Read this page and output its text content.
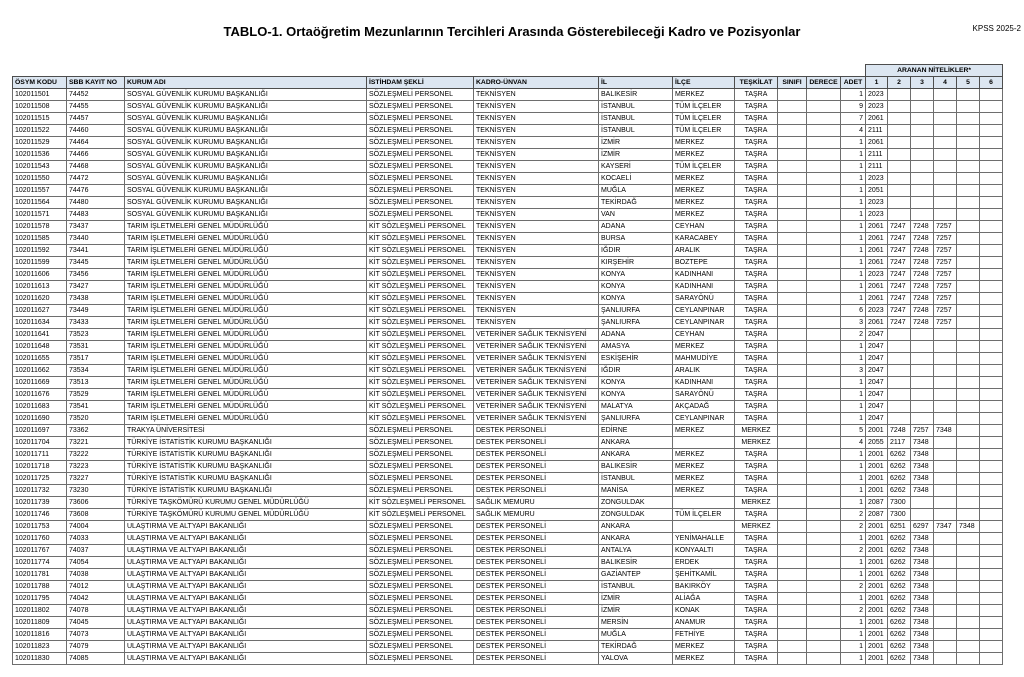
TABLO-1. Ortaöğretim Mezunlarının Tercihleri Arasında Gösterebileceği Kadro ve Pozisyonlar	KPSS 2025-2
											ARANAN NİTELİKLER*					
ÖSYM KODU	SBB KAYIT NO	KURUM ADI	İSTİHDAM ŞEKLİ	KADRO-ÜNVAN	İL	İLÇE	TEŞKİLAT	SINIFI	DERECE	ADET	1	2	3	4	5	6
102011501	74452	SOSYAL GÜVENLİK KURUMU BAŞKANLIĞI	SÖZLEŞMELİ PERSONEL	TEKNİSYEN	BALIKESİR	MERKEZ	TAŞRA			1	2023					
102011508	74455	SOSYAL GÜVENLİK KURUMU BAŞKANLIĞI	SÖZLEŞMELİ PERSONEL	TEKNİSYEN	İSTANBUL	TÜM İLÇELER	TAŞRA			9	2023					
102011515	74457	SOSYAL GÜVENLİK KURUMU BAŞKANLIĞI	SÖZLEŞMELİ PERSONEL	TEKNİSYEN	İSTANBUL	TÜM İLÇELER	TAŞRA			7	2061					
102011522	74460	SOSYAL GÜVENLİK KURUMU BAŞKANLIĞI	SÖZLEŞMELİ PERSONEL	TEKNİSYEN	İSTANBUL	TÜM İLÇELER	TAŞRA			4	2111					
102011529	74464	SOSYAL GÜVENLİK KURUMU BAŞKANLIĞI	SÖZLEŞMELİ PERSONEL	TEKNİSYEN	İZMİR	MERKEZ	TAŞRA			1	2061					
102011536	74466	SOSYAL GÜVENLİK KURUMU BAŞKANLIĞI	SÖZLEŞMELİ PERSONEL	TEKNİSYEN	İZMİR	MERKEZ	TAŞRA			1	2111					
102011543	74468	SOSYAL GÜVENLİK KURUMU BAŞKANLIĞI	SÖZLEŞMELİ PERSONEL	TEKNİSYEN	KAYSERİ	TÜM İLÇELER	TAŞRA			1	2111					
102011550	74472	SOSYAL GÜVENLİK KURUMU BAŞKANLIĞI	SÖZLEŞMELİ PERSONEL	TEKNİSYEN	KOCAELİ	MERKEZ	TAŞRA			1	2023					
102011557	74476	SOSYAL GÜVENLİK KURUMU BAŞKANLIĞI	SÖZLEŞMELİ PERSONEL	TEKNİSYEN	MUĞLA	MERKEZ	TAŞRA			1	2051					
102011564	74480	SOSYAL GÜVENLİK KURUMU BAŞKANLIĞI	SÖZLEŞMELİ PERSONEL	TEKNİSYEN	TEKİRDAĞ	MERKEZ	TAŞRA			1	2023					
102011571	74483	SOSYAL GÜVENLİK KURUMU BAŞKANLIĞI	SÖZLEŞMELİ PERSONEL	TEKNİSYEN	VAN	MERKEZ	TAŞRA			1	2023					
102011578	73437	TARIM İŞLETMELERİ GENEL MÜDÜRLÜĞÜ	KİT SÖZLEŞMELİ PERSONEL	TEKNİSYEN	ADANA	CEYHAN	TAŞRA			1	2061	7247	7248	7257		
102011585	73440	TARIM İŞLETMELERİ GENEL MÜDÜRLÜĞÜ	KİT SÖZLEŞMELİ PERSONEL	TEKNİSYEN	BURSA	KARACABEY	TAŞRA			1	2061	7247	7248	7257		
102011592	73441	TARIM İŞLETMELERİ GENEL MÜDÜRLÜĞÜ	KİT SÖZLEŞMELİ PERSONEL	TEKNİSYEN	IĞDIR	ARALIK	TAŞRA			1	2061	7247	7248	7257		
102011599	73445	TARIM İŞLETMELERİ GENEL MÜDÜRLÜĞÜ	KİT SÖZLEŞMELİ PERSONEL	TEKNİSYEN	KIRŞEHİR	BOZTEPE	TAŞRA			1	2061	7247	7248	7257		
102011606	73456	TARIM İŞLETMELERİ GENEL MÜDÜRLÜĞÜ	KİT SÖZLEŞMELİ PERSONEL	TEKNİSYEN	KONYA	KADINHANI	TAŞRA			1	2023	7247	7248	7257		
102011613	73427	TARIM İŞLETMELERİ GENEL MÜDÜRLÜĞÜ	KİT SÖZLEŞMELİ PERSONEL	TEKNİSYEN	KONYA	KADINHANI	TAŞRA			1	2061	7247	7248	7257		
102011620	73438	TARIM İŞLETMELERİ GENEL MÜDÜRLÜĞÜ	KİT SÖZLEŞMELİ PERSONEL	TEKNİSYEN	KONYA	SARAYÖNÜ	TAŞRA			1	2061	7247	7248	7257		
102011627	73449	TARIM İŞLETMELERİ GENEL MÜDÜRLÜĞÜ	KİT SÖZLEŞMELİ PERSONEL	TEKNİSYEN	ŞANLIURFA	CEYLANPINAR	TAŞRA			6	2023	7247	7248	7257		
102011634	73433	TARIM İŞLETMELERİ GENEL MÜDÜRLÜĞÜ	KİT SÖZLEŞMELİ PERSONEL	TEKNİSYEN	ŞANLIURFA	CEYLANPINAR	TAŞRA			3	2061	7247	7248	7257		
102011641	73523	TARIM İŞLETMELERİ GENEL MÜDÜRLÜĞÜ	KİT SÖZLEŞMELİ PERSONEL	VETERİNER SAĞLIK TEKNİSYENİ	ADANA	CEYHAN	TAŞRA			2	2047					
102011648	73531	TARIM İŞLETMELERİ GENEL MÜDÜRLÜĞÜ	KİT SÖZLEŞMELİ PERSONEL	VETERİNER SAĞLIK TEKNİSYENİ	AMASYA	MERKEZ	TAŞRA			1	2047					
102011655	73517	TARIM İŞLETMELERİ GENEL MÜDÜRLÜĞÜ	KİT SÖZLEŞMELİ PERSONEL	VETERİNER SAĞLIK TEKNİSYENİ	ESKİŞEHİR	MAHMUDİYE	TAŞRA			1	2047					
102011662	73534	TARIM İŞLETMELERİ GENEL MÜDÜRLÜĞÜ	KİT SÖZLEŞMELİ PERSONEL	VETERİNER SAĞLIK TEKNİSYENİ	IĞDIR	ARALIK	TAŞRA			3	2047					
102011669	73513	TARIM İŞLETMELERİ GENEL MÜDÜRLÜĞÜ	KİT SÖZLEŞMELİ PERSONEL	VETERİNER SAĞLIK TEKNİSYENİ	KONYA	KADINHANI	TAŞRA			1	2047					
102011676	73529	TARIM İŞLETMELERİ GENEL MÜDÜRLÜĞÜ	KİT SÖZLEŞMELİ PERSONEL	VETERİNER SAĞLIK TEKNİSYENİ	KONYA	SARAYÖNÜ	TAŞRA			1	2047					
102011683	73541	TARIM İŞLETMELERİ GENEL MÜDÜRLÜĞÜ	KİT SÖZLEŞMELİ PERSONEL	VETERİNER SAĞLIK TEKNİSYENİ	MALATYA	AKÇADAĞ	TAŞRA			1	2047					
102011690	73520	TARIM İŞLETMELERİ GENEL MÜDÜRLÜĞÜ	KİT SÖZLEŞMELİ PERSONEL	VETERİNER SAĞLIK TEKNİSYENİ	ŞANLIURFA	CEYLANPINAR	TAŞRA			1	2047					
102011697	73362	TRAKYA ÜNİVERSİTESİ	SÖZLEŞMELİ PERSONEL	DESTEK PERSONELİ	EDİRNE	MERKEZ	MERKEZ			5	2001	7248	7257	7348		
102011704	73221	TÜRKİYE İSTATİSTİK KURUMU BAŞKANLIĞI	SÖZLEŞMELİ PERSONEL	DESTEK PERSONELİ	ANKARA		MERKEZ			4	2055	2117	7348			
102011711	73222	TÜRKİYE İSTATİSTİK KURUMU BAŞKANLIĞI	SÖZLEŞMELİ PERSONEL	DESTEK PERSONELİ	ANKARA	MERKEZ	TAŞRA			1	2001	6262	7348			
102011718	73223	TÜRKİYE İSTATİSTİK KURUMU BAŞKANLIĞI	SÖZLEŞMELİ PERSONEL	DESTEK PERSONELİ	BALIKESİR	MERKEZ	TAŞRA			1	2001	6262	7348			
102011725	73227	TÜRKİYE İSTATİSTİK KURUMU BAŞKANLIĞI	SÖZLEŞMELİ PERSONEL	DESTEK PERSONELİ	İSTANBUL	MERKEZ	TAŞRA			1	2001	6262	7348			
102011732	73230	TÜRKİYE İSTATİSTİK KURUMU BAŞKANLIĞI	SÖZLEŞMELİ PERSONEL	DESTEK PERSONELİ	MANİSA	MERKEZ	TAŞRA			1	2001	6262	7348			
102011739	73606	TÜRKİYE TAŞKÖMÜRÜ KURUMU GENEL MÜDÜRLÜĞÜ	KİT SÖZLEŞMELİ PERSONEL	SAĞLIK MEMURU	ZONGULDAK		MERKEZ			1	2087	7300				
102011746	73608	TÜRKİYE TAŞKÖMÜRÜ KURUMU GENEL MÜDÜRLÜĞÜ	KİT SÖZLEŞMELİ PERSONEL	SAĞLIK MEMURU	ZONGULDAK	TÜM İLÇELER	TAŞRA			2	2087	7300				
102011753	74004	ULAŞTIRMA VE ALTYAPI BAKANLIĞI	SÖZLEŞMELİ PERSONEL	DESTEK PERSONELİ	ANKARA		MERKEZ			2	2001	6251	6297	7347	7348	
102011760	74033	ULAŞTIRMA VE ALTYAPI BAKANLIĞI	SÖZLEŞMELİ PERSONEL	DESTEK PERSONELİ	ANKARA	YENİMAHALLE	TAŞRA			1	2001	6262	7348			
102011767	74037	ULAŞTIRMA VE ALTYAPI BAKANLIĞI	SÖZLEŞMELİ PERSONEL	DESTEK PERSONELİ	ANTALYA	KONYAALTI	TAŞRA			2	2001	6262	7348			
102011774	74054	ULAŞTIRMA VE ALTYAPI BAKANLIĞI	SÖZLEŞMELİ PERSONEL	DESTEK PERSONELİ	BALIKESİR	ERDEK	TAŞRA			1	2001	6262	7348			
102011781	74038	ULAŞTIRMA VE ALTYAPI BAKANLIĞI	SÖZLEŞMELİ PERSONEL	DESTEK PERSONELİ	GAZİANTEP	ŞEHİTKAMİL	TAŞRA			1	2001	6262	7348			
102011788	74012	ULAŞTIRMA VE ALTYAPI BAKANLIĞI	SÖZLEŞMELİ PERSONEL	DESTEK PERSONELİ	İSTANBUL	BAKIRKÖY	TAŞRA			2	2001	6262	7348			
102011795	74042	ULAŞTIRMA VE ALTYAPI BAKANLIĞI	SÖZLEŞMELİ PERSONEL	DESTEK PERSONELİ	İZMİR	ALİAĞA	TAŞRA			1	2001	6262	7348			
102011802	74078	ULAŞTIRMA VE ALTYAPI BAKANLIĞI	SÖZLEŞMELİ PERSONEL	DESTEK PERSONELİ	İZMİR	KONAK	TAŞRA			2	2001	6262	7348			
102011809	74045	ULAŞTIRMA VE ALTYAPI BAKANLIĞI	SÖZLEŞMELİ PERSONEL	DESTEK PERSONELİ	MERSİN	ANAMUR	TAŞRA			1	2001	6262	7348			
102011816	74073	ULAŞTIRMA VE ALTYAPI BAKANLIĞI	SÖZLEŞMELİ PERSONEL	DESTEK PERSONELİ	MUĞLA	FETHİYE	TAŞRA			1	2001	6262	7348			
102011823	74079	ULAŞTIRMA VE ALTYAPI BAKANLIĞI	SÖZLEŞMELİ PERSONEL	DESTEK PERSONELİ	TEKİRDAĞ	MERKEZ	TAŞRA			1	2001	6262	7348			
102011830	74085	ULAŞTIRMA VE ALTYAPI BAKANLIĞI	SÖZLEŞMELİ PERSONEL	DESTEK PERSONELİ	YALOVA	MERKEZ	TAŞRA			1	2001	6262	7348			
